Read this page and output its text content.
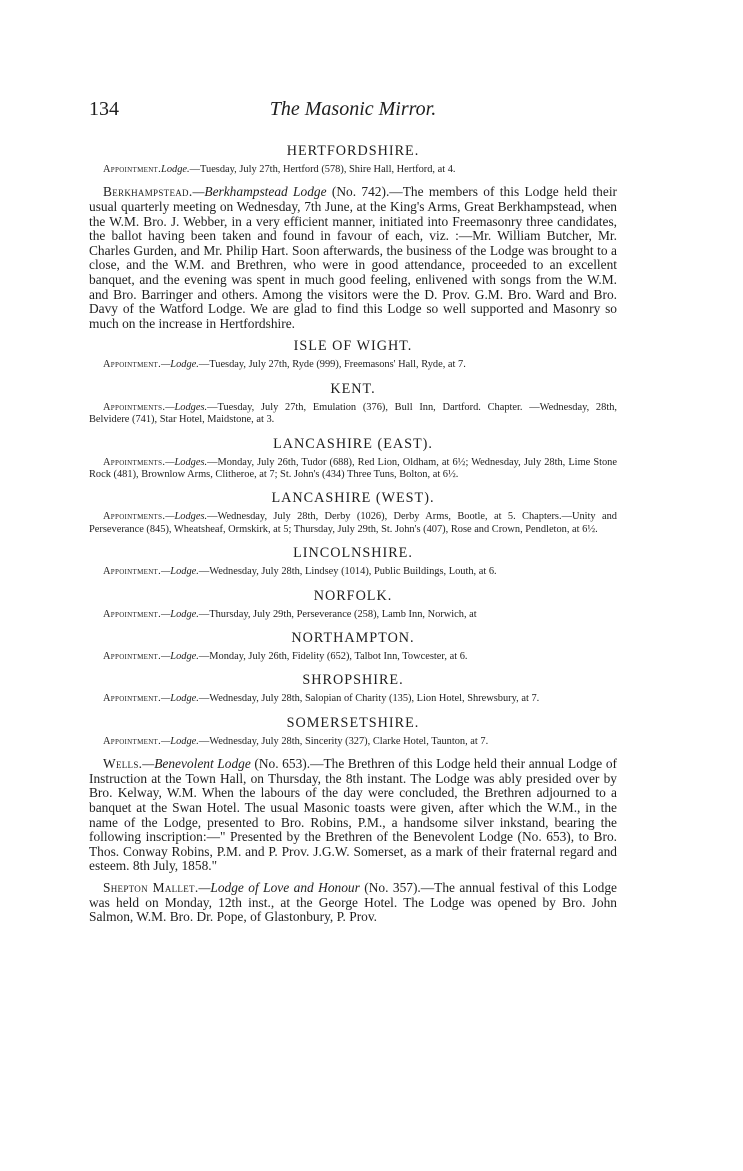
134	The Masonic Mirror.
HERTFORDSHIRE.
Appointment.Lodge.—Tuesday, July 27th, Hertford (578), Shire Hall, Hertford, at 4.
Berkhampstead.—Berkhampstead Lodge (No. 742).—The members of this Lodge held their usual quarterly meeting on Wednesday, 7th June, at the King's Arms, Great Berkhampstead, when the W.M. Bro. J. Webber, in a very efficient manner, initiated into Freemasonry three candidates, the ballot having been taken and found in favour of each, viz. :—Mr. William Butcher, Mr. Charles Gurden, and Mr. Philip Hart. Soon afterwards, the business of the Lodge was brought to a close, and the W.M. and Brethren, who were in good attendance, proceeded to an excellent banquet, and the evening was spent in much good feeling, enlivened with songs from the W.M. and Bro. Barringer and others. Among the visitors were the D. Prov. G.M. Bro. Ward and Bro. Davy of the Watford Lodge. We are glad to find this Lodge so well supported and Masonry so much on the increase in Hertfordshire.
ISLE OF WIGHT.
Appointment.—Lodge.—Tuesday, July 27th, Ryde (999), Freemasons' Hall, Ryde, at 7.
KENT.
Appointments.—Lodges.—Tuesday, July 27th, Emulation (376), Bull Inn, Dartford. Chapter. —Wednesday, 28th, Belvidere (741), Star Hotel, Maidstone, at 3.
LANCASHIRE (EAST).
Appointments.—Lodges.—Monday, July 26th, Tudor (688), Red Lion, Oldham, at 6½; Wednesday, July 28th, Lime Stone Rock (481), Brownlow Arms, Clitheroe, at 7; St. John's (434) Three Tuns, Bolton, at 6½.
LANCASHIRE (WEST).
Appointments.—Lodges.—Wednesday, July 28th, Derby (1026), Derby Arms, Bootle, at 5. Chapters.—Unity and Perseverance (845), Wheatsheaf, Ormskirk, at 5; Thursday, July 29th, St. John's (407), Rose and Crown, Pendleton, at 6½.
LINCOLNSHIRE.
Appointment.—Lodge.—Wednesday, July 28th, Lindsey (1014), Public Buildings, Louth, at 6.
NORFOLK.
Appointment.—Lodge.—Thursday, July 29th, Perseverance (258), Lamb Inn, Norwich, at
NORTHAMPTON.
Appointment.—Lodge.—Monday, July 26th, Fidelity (652), Talbot Inn, Towcester, at 6.
SHROPSHIRE.
Appointment.—Lodge.—Wednesday, July 28th, Salopian of Charity (135), Lion Hotel, Shrewsbury, at 7.
SOMERSETSHIRE.
Appointment.—Lodge.—Wednesday, July 28th, Sincerity (327), Clarke Hotel, Taunton, at 7.
Wells.—Benevolent Lodge (No. 653).—The Brethren of this Lodge held their annual Lodge of Instruction at the Town Hall, on Thursday, the 8th instant. The Lodge was ably presided over by Bro. Kelway, W.M. When the labours of the day were concluded, the Brethren adjourned to a banquet at the Swan Hotel. The usual Masonic toasts were given, after which the W.M., in the name of the Lodge, presented to Bro. Robins, P.M., a handsome silver inkstand, bearing the following inscription:—" Presented by the Brethren of the Benevolent Lodge (No. 653), to Bro. Thos. Conway Robins, P.M. and P. Prov. J.G.W. Somerset, as a mark of their fraternal regard and esteem. 8th July, 1858."
Shepton Mallet.—Lodge of Love and Honour (No. 357).—The annual festival of this Lodge was held on Monday, 12th inst., at the George Hotel. The Lodge was opened by Bro. John Salmon, W.M. Bro. Dr. Pope, of Glastonbury, P. Prov.
